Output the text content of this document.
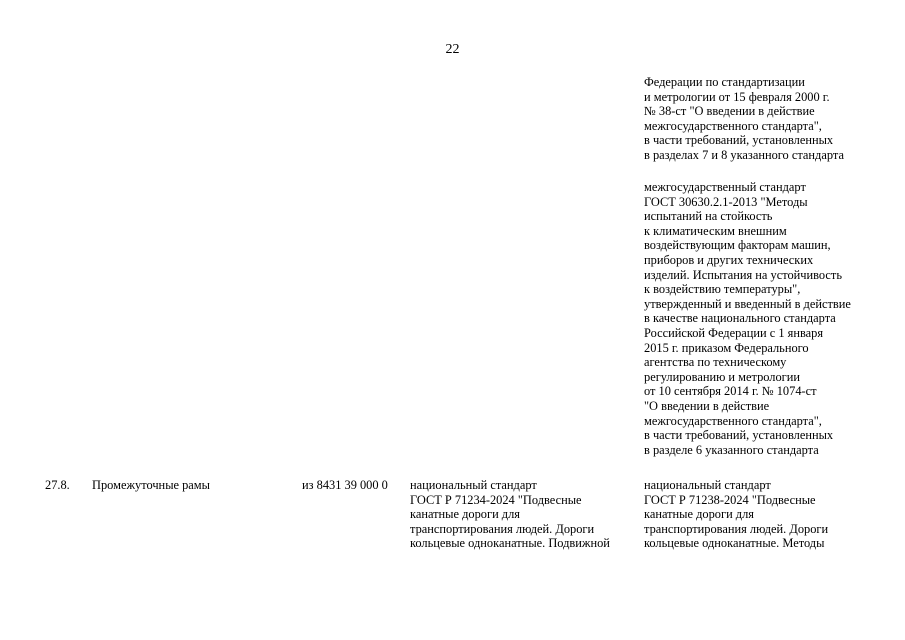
22
Федерации по стандартизации
и метрологии от 15 февраля 2000 г.
№ 38-ст "О введении в действие
межгосударственного стандарта",
в части требований, установленных
в разделах 7 и 8 указанного стандарта
межгосударственный стандарт
ГОСТ 30630.2.1-2013 "Методы
испытаний на стойкость
к климатическим внешним
воздействующим факторам машин,
приборов и других технических
изделий. Испытания на устойчивость
к воздействию температуры",
утвержденный и введенный в действие
в качестве национального стандарта
Российской Федерации с 1 января
2015 г. приказом Федерального
агентства по техническому
регулированию и метрологии
от 10 сентября 2014 г. № 1074-ст
"О введении в действие
межгосударственного стандарта",
в части требований, установленных
в разделе 6 указанного стандарта
27.8. Промежуточные рамы	из 8431 39 000 0 национальный стандарт
ГОСТ Р 71234-2024 "Подвесные
канатные дороги для
транспортирования людей. Дороги
кольцевые одноканатные. Подвижной
национальный стандарт
ГОСТ Р 71238-2024 "Подвесные
канатные дороги для
транспортирования людей. Дороги
кольцевые одноканатные. Методы
